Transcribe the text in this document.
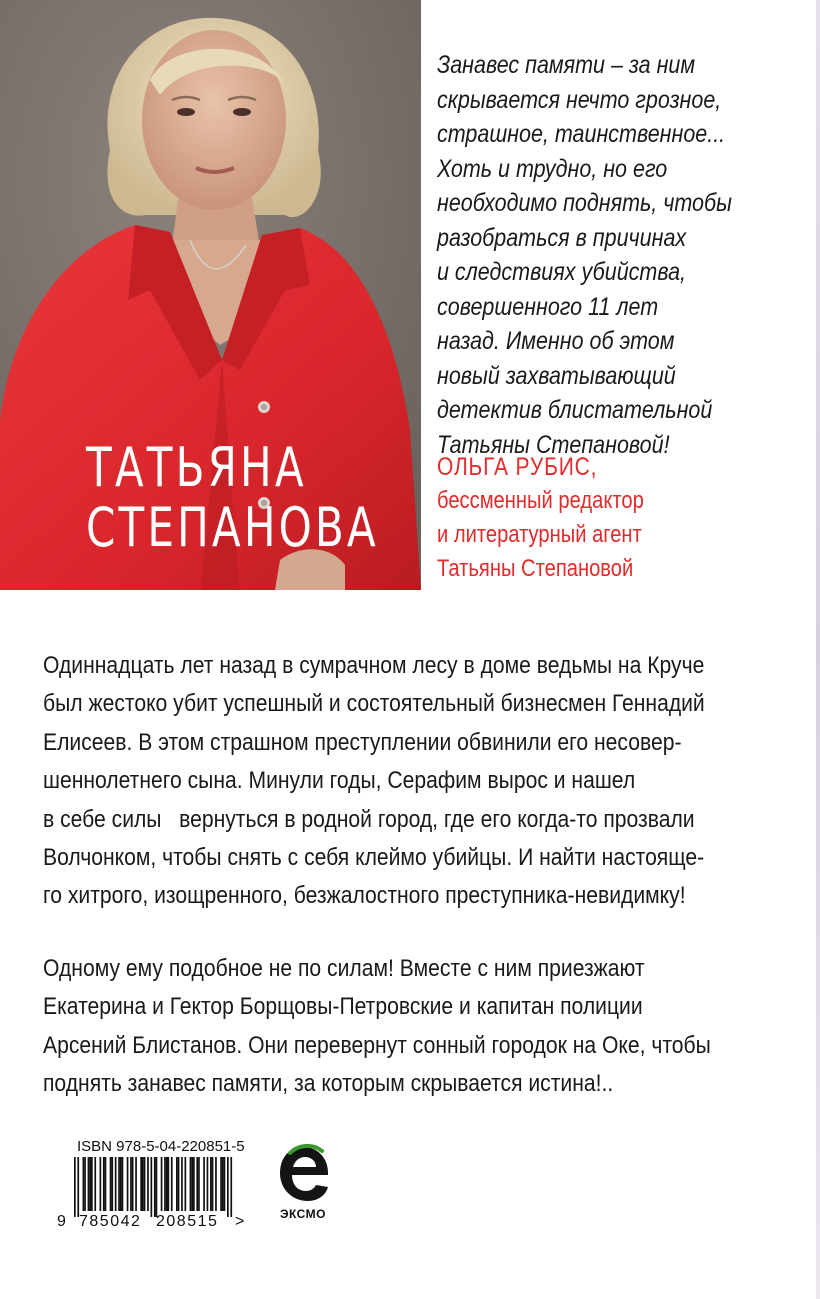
ТАТЬЯНА
СТЕПАНОВА
Занавес памяти – за ним
скрывается нечто грозное,
страшное, таинственное...
Хоть и трудно, но его
необходимо поднять, чтобы
разобраться в причинах
и следствиях убийства,
совершенного 11 лет
назад. Именно об этом
новый захватывающий
детектив блистательной
Татьяны Степановой!
ОЛЬГА РУБИС,
бессменный редактор
и литературный агент
Татьяны Степановой

Одиннадцать лет назад в сумрачном лесу в доме ведьмы на Круче
был жестоко убит успешный и состоятельный бизнесмен Геннадий
Елисеев. В этом страшном преступлении обвинили его несовер-
шеннолетнего сына. Минули годы, Серафим вырос и нашел
в себе силы   вернуться в родной город, где его когда-то прозвали
Волчонком, чтобы снять с себя клеймо убийцы. И найти настояще-
го хитрого, изощренного, безжалостного преступника-невидимку!

Одному ему подобное не по силам! Вместе с ним приезжают
Екатерина и Гектор Борщовы-Петровские и капитан полиции
Арсений Блистанов. Они перевернут сонный городок на Оке, чтобы
поднять занавес памяти, за которым скрывается истина!..

ISBN 978-5-04-220851-5

9 785042 208515 >	ЭКСМО
